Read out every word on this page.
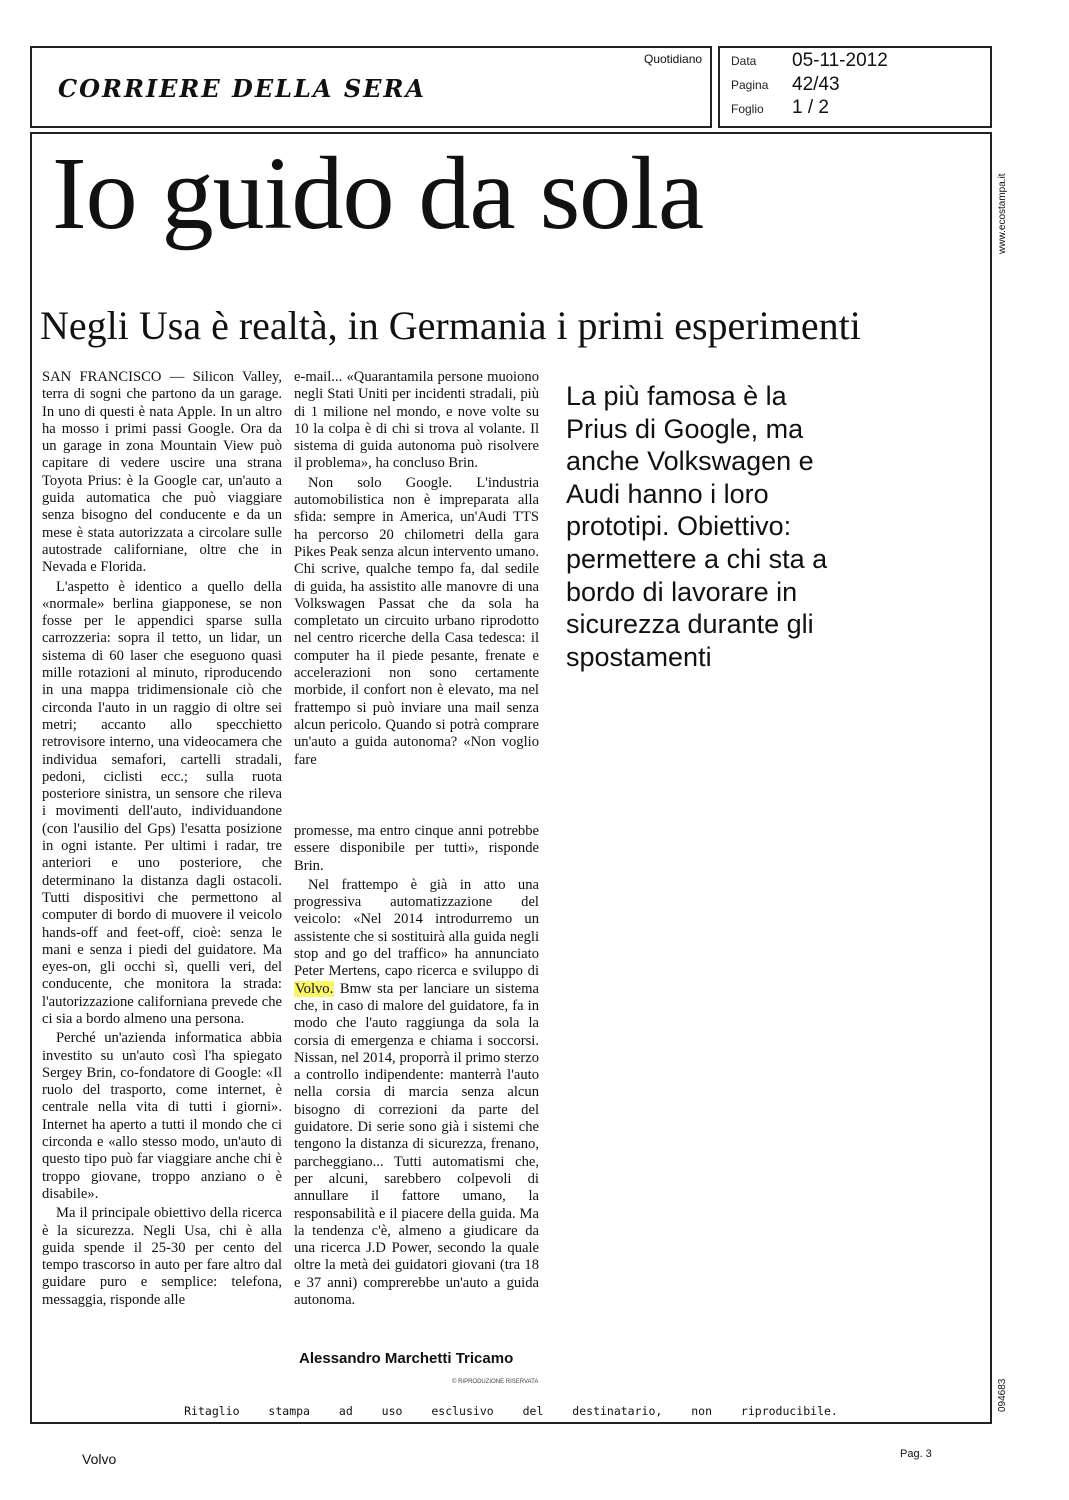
CORRIERE DELLA SERA
Quotidiano Data 05-11-2012
Pagina 42/43
Foglio 1 / 2
Io guido da sola
Negli Usa è realtà, in Germania i primi esperimenti
www.ecostampa.it

SAN FRANCISCO — Silicon Valley, terra di sogni che partono da un garage. In uno di questi è nata Apple. In un altro ha mosso i primi passi Google. Ora da un garage in zona Mountain View può capitare di vedere uscire una strana Toyota Prius: è la Google car, un'auto a guida automatica che può viaggiare senza bisogno del conducente e da un mese è stata autorizzata a circolare sulle autostrade californiane, oltre che in Nevada e Florida.

L'aspetto è identico a quello della «normale» berlina giapponese, se non fosse per le appendici sparse sulla carrozzeria: sopra il tetto, un lidar, un sistema di 60 laser che eseguono quasi mille rotazioni al minuto, riproducendo in una mappa tridimensionale ciò che circonda l'auto in un raggio di oltre sei metri; accanto allo specchietto retrovisore interno, una videocamera che individua semafori, cartelli stradali, pedoni, ciclisti ecc.; sulla ruota posteriore sinistra, un sensore che rileva i movimenti dell'auto, individuandone (con l'ausilio del Gps) l'esatta posizione in ogni istante. Per ultimi i radar, tre anteriori e uno posteriore, che determinano la distanza dagli ostacoli. Tutti dispositivi che permettono al computer di bordo di muovere il veicolo hands-off and feet-off, cioè: senza le mani e senza i piedi del guidatore. Ma eyes-on, gli occhi sì, quelli veri, del conducente, che monitora la strada: l'autorizzazione californiana prevede che ci sia a bordo almeno una persona.

Perché un'azienda informatica abbia investito su un'auto così l'ha spiegato Sergey Brin, co-fondatore di Google: «Il ruolo del trasporto, come internet, è centrale nella vita di tutti i giorni». Internet ha aperto a tutti il mondo che ci circonda e «allo stesso modo, un'auto di questo tipo può far viaggiare anche chi è troppo giovane, troppo anziano o è disabile».

Ma il principale obiettivo della ricerca è la sicurezza. Negli Usa, chi è alla guida spende il 25-30 per cento del tempo trascorso in auto per fare altro dal guidare puro e semplice: telefona, messaggia, risponde alle

e-mail... «Quarantamila persone muoiono negli Stati Uniti per incidenti stradali, più di 1 milione nel mondo, e nove volte su 10 la colpa è di chi si trova al volante. Il sistema di guida autonoma può risolvere il problema», ha concluso Brin.

Non solo Google. L'industria automobilistica non è impreparata alla sfida: sempre in America, un'Audi TTS ha percorso 20 chilometri della gara Pikes Peak senza alcun intervento umano. Chi scrive, qualche tempo fa, dal sedile di guida, ha assistito alle manovre di una Volkswagen Passat che da sola ha completato un circuito urbano riprodotto nel centro ricerche della Casa tedesca: il computer ha il piede pesante, frenate e accelerazioni non sono certamente morbide, il confort non è elevato, ma nel frattempo si può inviare una mail senza alcun pericolo. Quando si potrà comprare un'auto a guida autonoma? «Non voglio fare

promesse, ma entro cinque anni potrebbe essere disponibile per tutti», risponde Brin.

Nel frattempo è già in atto una progressiva automatizzazione del veicolo: «Nel 2014 introdurremo un assistente che si sostituirà alla guida negli stop and go del traffico» ha annunciato Peter Mertens, capo ricerca e sviluppo di Volvo. Bmw sta per lanciare un sistema che, in caso di malore del guidatore, fa in modo che l'auto raggiunga da sola la corsia di emergenza e chiama i soccorsi. Nissan, nel 2014, proporrà il primo sterzo a controllo indipendente: manterrà l'auto nella corsia di marcia senza alcun bisogno di correzioni da parte del guidatore. Di serie sono già i sistemi che tengono la distanza di sicurezza, frenano, parcheggiano... Tutti automatismi che, per alcuni, sarebbero colpevoli di annullare il fattore umano, la responsabilità e il piacere della guida. Ma la tendenza c'è, almeno a giudicare da una ricerca J.D Power, secondo la quale oltre la metà dei guidatori giovani (tra 18 e 37 anni) comprerebbe un'auto a guida autonoma.

Alessandro Marchetti Tricamo
© RIPRODUZIONE RISERVATA
La più famosa è la Prius di Google, ma anche Volkswagen e Audi hanno i loro prototipi. Obiettivo: permettere a chi sta a bordo di lavorare in sicurezza durante gli spostamenti
094683
Ritaglio stampa ad uso esclusivo del destinatario, non riproducibile.
Volvo	Pag. 3
